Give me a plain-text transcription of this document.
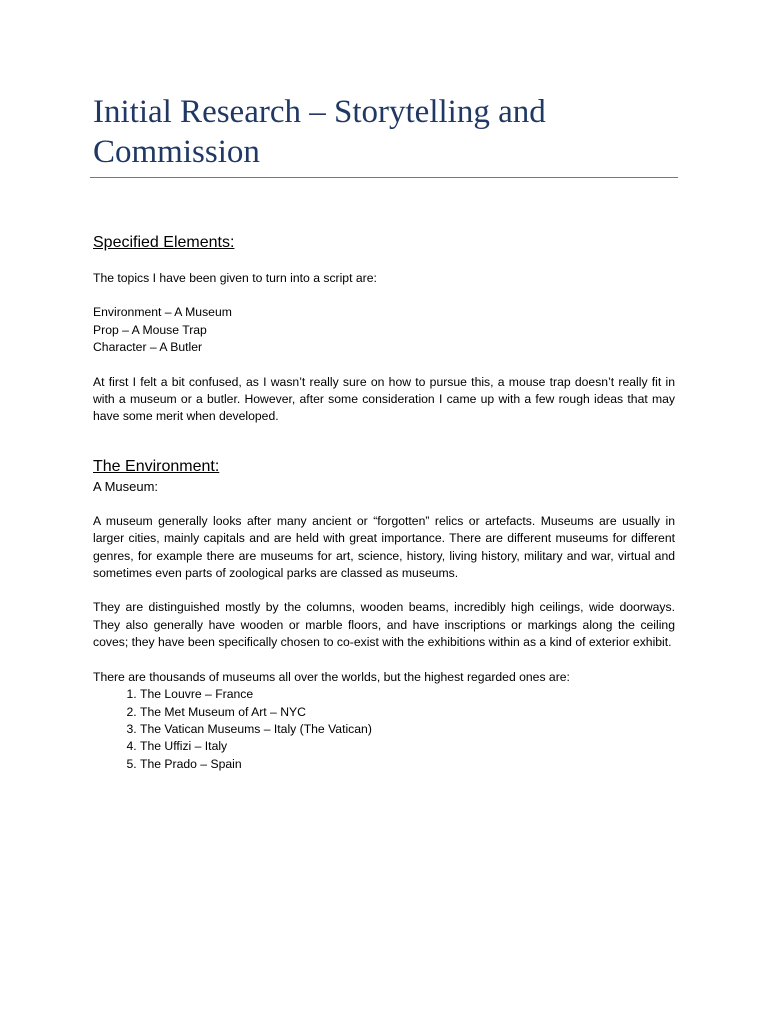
Initial Research – Storytelling and Commission
Specified Elements:

The topics I have been given to turn into a script are:

Environment – A Museum

Prop – A Mouse Trap

Character – A Butler

At first I felt a bit confused, as I wasn’t really sure on how to pursue this, a mouse trap doesn’t really fit in with a museum or a butler. However, after some consideration I came up with a few rough ideas that may have some merit when developed.

The Environment:

A Museum:

A museum generally looks after many ancient or “forgotten” relics or artefacts. Museums are usually in larger cities, mainly capitals and are held with great importance. There are different museums for different genres, for example there are museums for art, science, history, living history, military and war, virtual and sometimes even parts of zoological parks are classed as museums.

They are distinguished mostly by the columns, wooden beams, incredibly high ceilings, wide doorways. They also generally have wooden or marble floors, and have inscriptions or markings along the ceiling coves; they have been specifically chosen to co-exist with the exhibitions within as a kind of exterior exhibit.

There are thousands of museums all over the worlds, but the highest regarded ones are:

1. The Louvre – France
2. The Met Museum of Art – NYC
3. The Vatican Museums – Italy (The Vatican)
4. The Uffizi – Italy
5. The Prado – Spain
